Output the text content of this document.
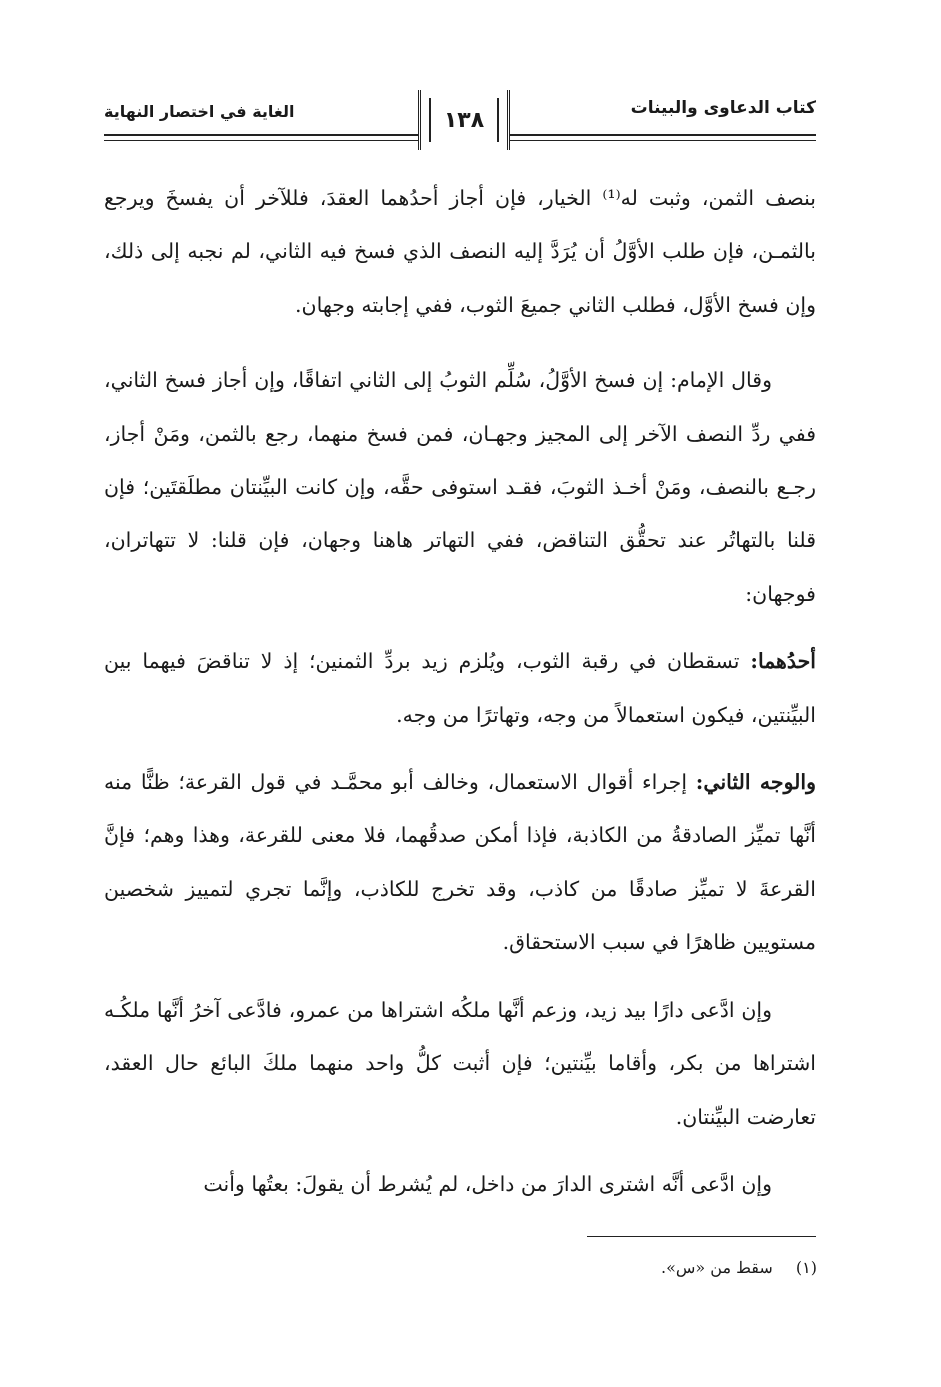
كتاب الدعاوى والبينات
الغاية في اختصار النهاية	١٣٨

بنصف الثمن، وثبت له⁽¹⁾ الخيار، فإن أجاز أحدُهما العقدَ، فللآخر أن يفسخَ ويرجع بالثمـن، فإن طلب الأوَّلُ أن يُرَدَّ إليه النصف الذي فسخ فيه الثاني، لم نجبه إلى ذلك، وإن فسخ الأوَّل، فطلب الثاني جميعَ الثوب، ففي إجابته وجهان.

وقال الإمام: إن فسخ الأوَّلُ، سُلِّم الثوبُ إلى الثاني اتفاقًا، وإن أجاز فسخ الثاني، ففي ردِّ النصف الآخر إلى المجيز وجهـان، فمن فسخ منهما، رجع بالثمن، ومَنْ أجاز، رجـع بالنصف، ومَنْ أخـذ الثوبَ، فقـد استوفى حقَّه، وإن كانت البيِّنتان مطلَقتَين؛ فإن قلنا بالتهاتُر عند تحقُّق التناقض، ففي التهاتر هاهنا وجهان، فإن قلنا: لا تتهاتران، فوجهان:

أحدُهما: تسقطان في رقبة الثوب، ويُلزم زيد بردِّ الثمنين؛ إذ لا تناقضَ فيهما بين البيِّنتين، فيكون استعمالاً من وجه، وتهاترًا من وجه.

والوجه الثاني: إجراء أقوال الاستعمال، وخالف أبو محمَّـد في قول القرعة؛ ظنًّا منه أنَّها تميِّز الصادقةُ من الكاذبة، فإذا أمكن صدقُهما، فلا معنى للقرعة، وهذا وهم؛ فإنَّ القرعةَ لا تميِّز صادقًا من كاذب، وقد تخرج للكاذب، وإنَّما تجري لتمييز شخصين مستويين ظاهرًا في سبب الاستحقاق.

وإن ادَّعى دارًا بيد زيد، وزعم أنَّها ملكُه اشتراها من عمرو، فادَّعى آخرُ أنَّها ملكُـه اشتراها من بكر، وأقاما بيِّنتين؛ فإن أثبت كلُّ واحد منهما ملكَ البائع حال العقد، تعارضت البيِّنتان.

وإن ادَّعى أنَّه اشترى الدارَ من داخل، لم يُشرط أن يقولَ: بعتُها وأنت

(١) سقط من «س».
